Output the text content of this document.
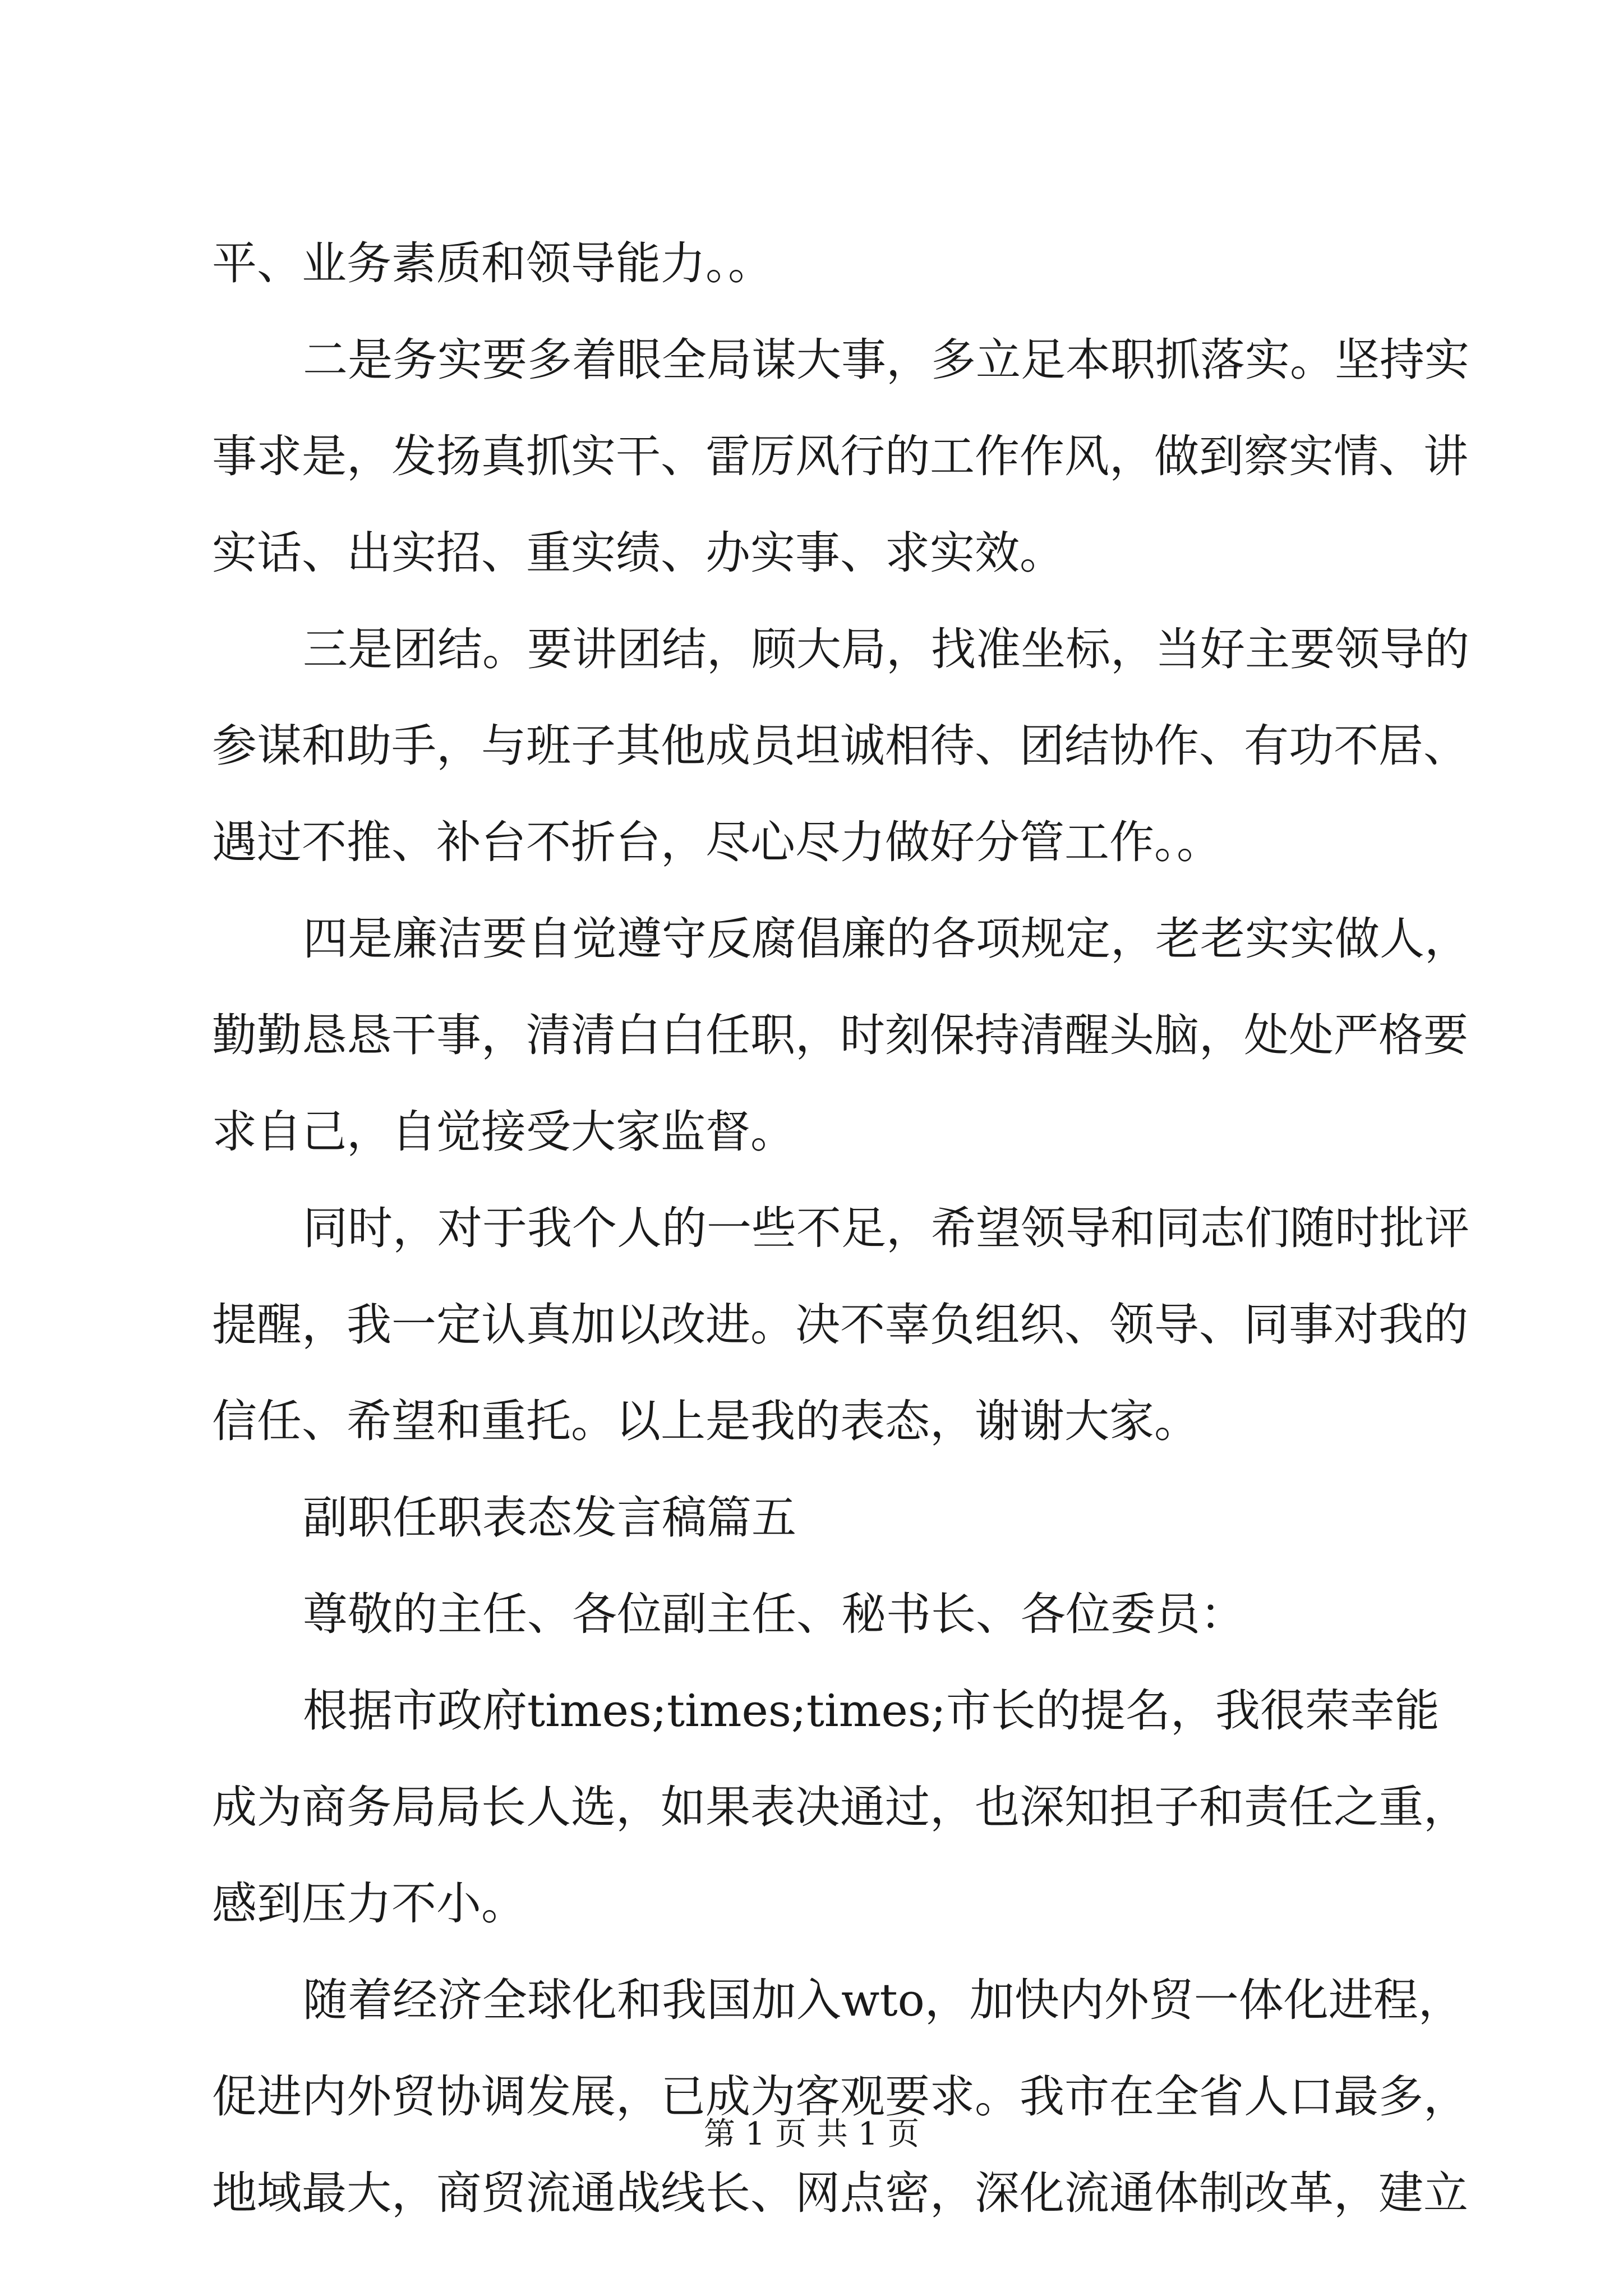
平、业务素质和领导能力。。
二是务实要多着眼全局谋大事，多立足本职抓落实。坚持实
事求是，发扬真抓实干、雷厉风行的工作作风，做到察实情、讲
实话、出实招、重实绩、办实事、求实效。
三是团结。要讲团结，顾大局，找准坐标，当好主要领导的
参谋和助手，与班子其他成员坦诚相待、团结协作、有功不居、
遇过不推、补台不折台，尽心尽力做好分管工作。。
四是廉洁要自觉遵守反腐倡廉的各项规定，老老实实做人，
勤勤恳恳干事，清清白白任职，时刻保持清醒头脑，处处严格要
求自己，自觉接受大家监督。
同时，对于我个人的一些不足，希望领导和同志们随时批评
提醒，我一定认真加以改进。决不辜负组织、领导、同事对我的
信任、希望和重托。以上是我的表态，谢谢大家。
副职任职表态发言稿篇五
尊敬的主任、各位副主任、秘书长、各位委员：
根据市政府times;times;times;市长的提名，我很荣幸能
成为商务局局长人选，如果表决通过，也深知担子和责任之重，
感到压力不小。
随着经济全球化和我国加入wto，加快内外贸一体化进程，
促进内外贸协调发展，已成为客观要求。我市在全省人口最多，
地域最大，商贸流通战线长、网点密，深化流通体制改革，建立
第 1 页 共 1 页
